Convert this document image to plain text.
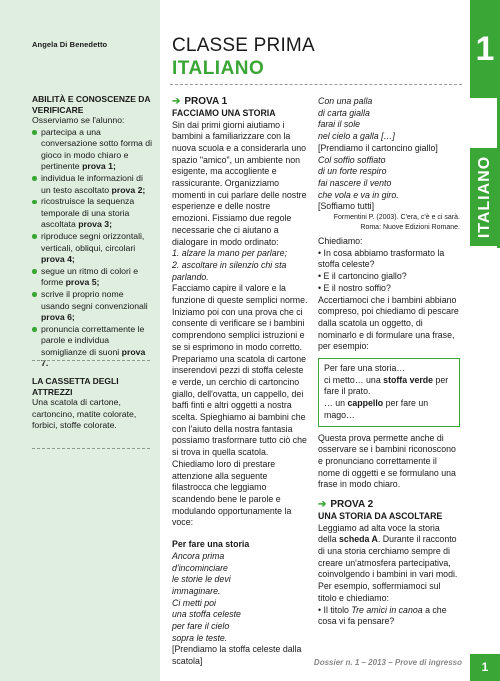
Angela Di Benedetto
ABILITÀ E CONOSCENZE DA VERIFICARE
Osserviamo se l'alunno:
partecipa a una conversazione sotto forma di gioco in modo chiaro e pertinente prova 1;
individua le informazioni di un testo ascoltato prova 2;
ricostruisce la sequenza temporale di una storia ascoltata prova 3;
riproduce segni orizzontali, verticali, obliqui, circolari prova 4;
segue un ritmo di colori e forme prova 5;
scrive il proprio nome usando segni convenzionali prova 6;
pronuncia correttamente le parole e individua somiglianze di suoni prova 7.
LA CASSETTA DEGLI ATTREZZI
Una scatola di cartone, cartoncino, matite colorate, forbici, stoffe colorate.
CLASSE PRIMA
ITALIANO
1
ITALIANO
➔ PROVA 1
FACCIAMO UNA STORIA
Sin dai primi giorni aiutiamo i bambini a familiarizzare con la nuova scuola e a considerarla uno spazio "amico", un ambiente non esigente, ma accogliente e rassicurante. Organizziamo momenti in cui parlare delle nostre esperienze e delle nostre emozioni. Fissiamo due regole necessarie che ci aiutano a dialogare in modo ordinato:
1. alzare la mano per parlare;
2. ascoltare in silenzio chi sta parlando.
Facciamo capire il valore e la funzione di queste semplici norme. Iniziamo poi con una prova che ci consente di verificare se i bambini comprendono semplici istruzioni e se si esprimono in modo corretto. Prepariamo una scatola di cartone inserendovi pezzi di stoffa celeste e verde, un cerchio di cartoncino giallo, dell'ovatta, un cappello, dei baffi finti e altri oggetti a nostra scelta. Spieghiamo ai bambini che con l'aiuto della nostra fantasia possiamo trasformare tutto ciò che si trova in quella scatola. Chiediamo loro di prestare attenzione alla seguente filastrocca che leggiamo scandendo bene le parole e modulando opportunamente la voce:
Per fare una storia
Ancora prima
d'incominciare
le storie le devi
immaginare.
Ci metti poi
una stoffa celeste
per fare il cielo
sopra le teste.
[Prendiamo la stoffa celeste dalla scatola]
Con una palla
di carta gialla
farai il sole
nel cielo a galla […]
[Prendiamo il cartoncino giallo]
Col soffio soffiato
di un forte respiro
fai nascere il vento
che vola e va in giro.
[Soffiamo tutti]
Formentini P. (2003). C'era, c'è e ci sarà. Roma: Nuove Edizioni Romane.
Chiediamo:
• In cosa abbiamo trasformato la stoffa celeste?
• E il cartoncino giallo?
• E il nostro soffio?
Accertiamoci che i bambini abbiano compreso, poi chiediamo di pescare dalla scatola un oggetto, di nominarlo e di formulare una frase, per esempio:
Per fare una storia…
ci metto… una stoffa verde per fare il prato.
… un cappello per fare un mago…
Questa prova permette anche di osservare se i bambini riconoscono e pronunciano correttamente il nome di oggetti e se formulano una frase in modo chiaro.
➔ PROVA 2
UNA STORIA DA ASCOLTARE
Leggiamo ad alta voce la storia della scheda A. Durante il racconto di una storia cerchiamo sempre di creare un'atmosfera partecipativa, coinvolgendo i bambini in vari modi. Per esempio, soffermiamoci sul titolo e chiediamo:
• Il titolo Tre amici in canoa a che cosa vi fa pensare?
Dossier n. 1 – 2013 – Prove di ingresso	1
